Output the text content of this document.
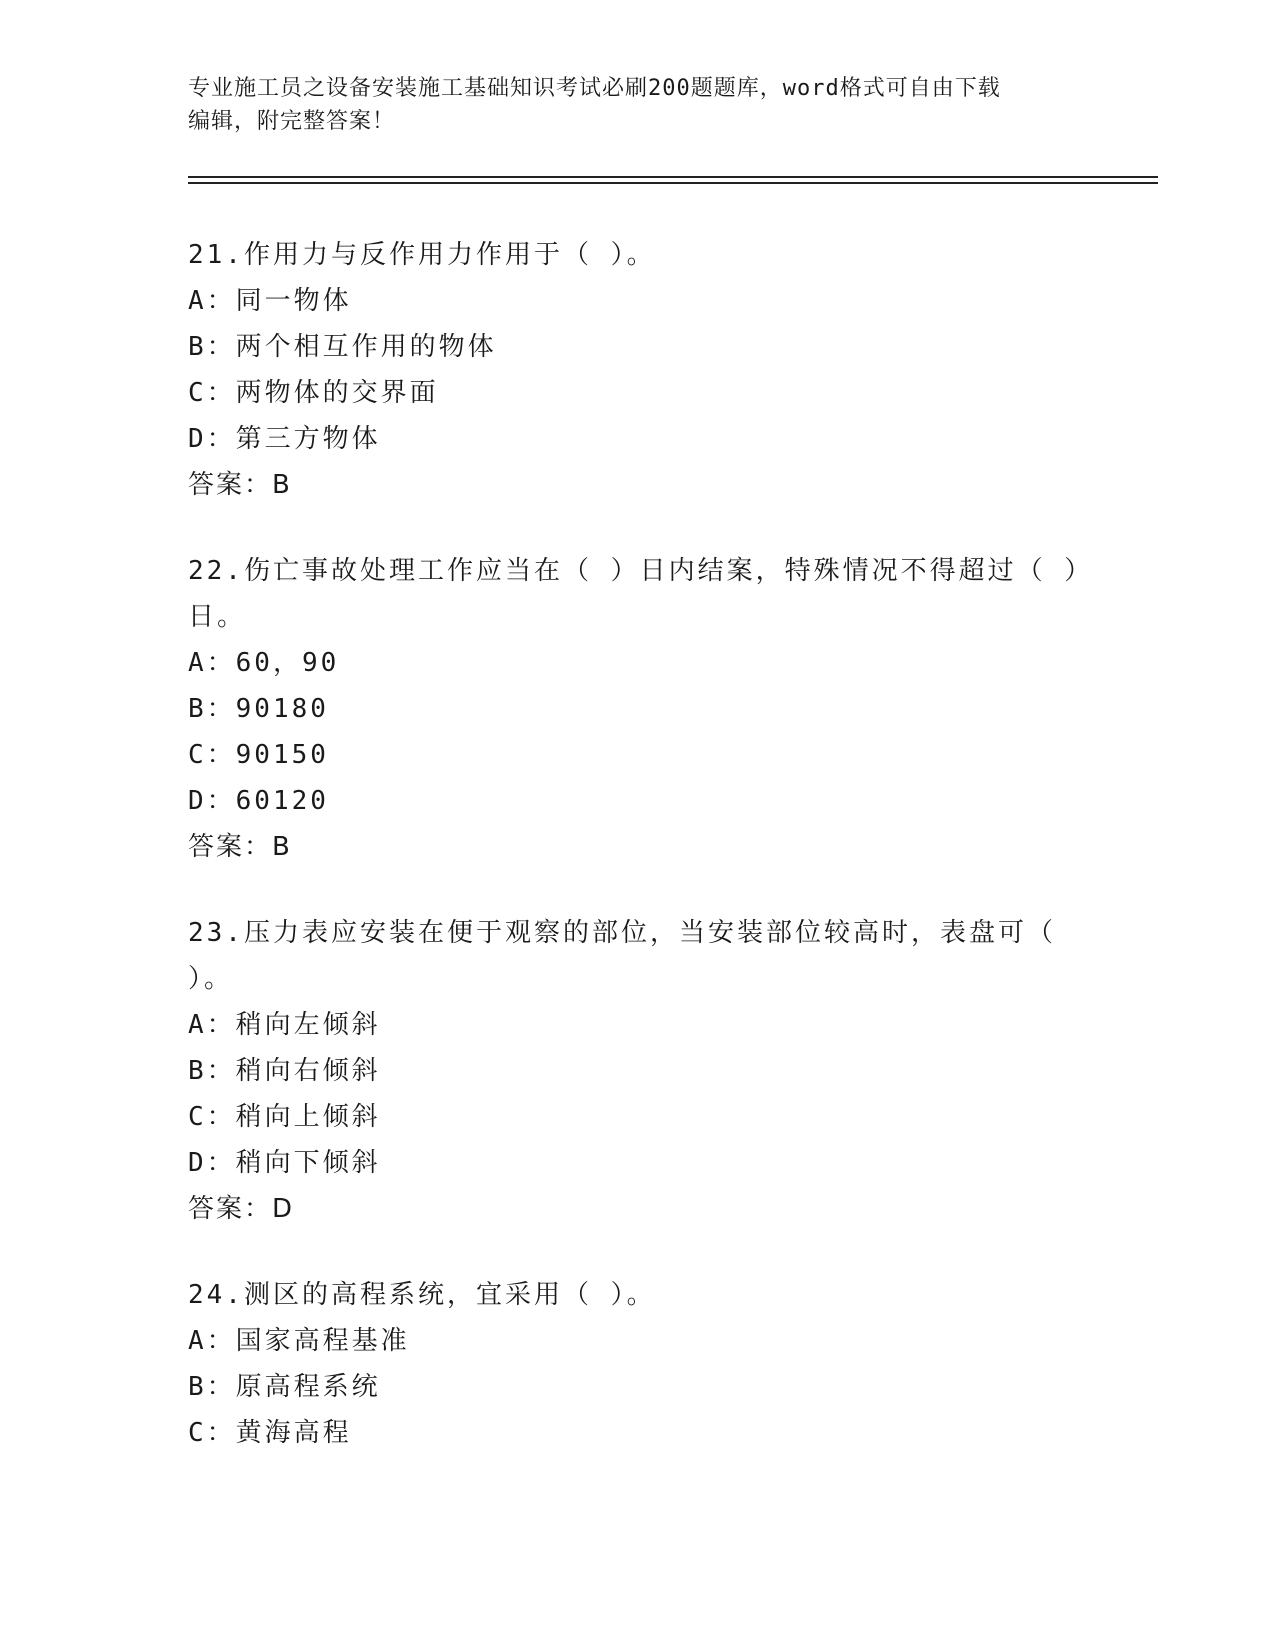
专业施工员之设备安装施工基础知识考试必刷200题题库，word格式可自由下载
编辑，附完整答案！
21.作用力与反作用力作用于（ ）。
A：同一物体
B：两个相互作用的物体
C：两物体的交界面
D：第三方物体
答案：B
22.伤亡事故处理工作应当在（ ）日内结案，特殊情况不得超过（ ）
日。
A：60，90
B：90180
C：90150
D：60120
答案：B
23.压力表应安装在便于观察的部位，当安装部位较高时，表盘可（
）。
A：稍向左倾斜
B：稍向右倾斜
C：稍向上倾斜
D：稍向下倾斜
答案：D
24.测区的高程系统，宜采用（ ）。
A：国家高程基准
B：原高程系统
C：黄海高程
